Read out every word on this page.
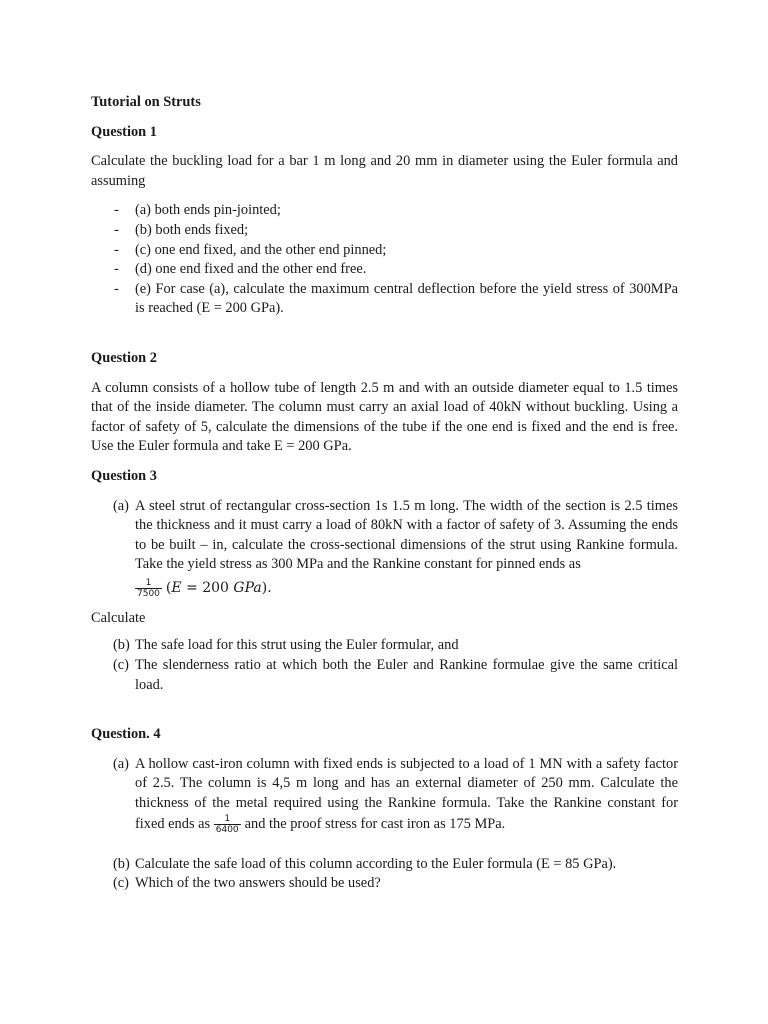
Tutorial on Struts
Question 1

Calculate the buckling load for a bar 1 m long and 20 mm in diameter using the Euler formula and assuming

- (a) both ends pin-jointed;
- (b) both ends fixed;
- (c) one end fixed, and the other end pinned;
- (d) one end fixed and the other end free.
- (e) For case (a), calculate the maximum central deflection before the yield stress of 300MPa is reached (E = 200 GPa).
Question 2

A column consists of a hollow tube of length 2.5 m and with an outside diameter equal to 1.5 times that of the inside diameter. The column must carry an axial load of 40kN without buckling. Using a factor of safety of 5, calculate the dimensions of the tube if the one end is fixed and the end is free. Use the Euler formula and take E = 200 GPa.

Question 3
(a) A steel strut of rectangular cross-section 1s 1.5 m long. The width of the section is 2.5 times the thickness and it must carry a load of 80kN with a factor of safety of 3. Assuming the ends to be built – in, calculate the cross-sectional dimensions of the strut using Rankine formula. Take the yield stress as 300 MPa and the Rankine constant for pinned ends as
$\frac{1}{7500} (E = 200$ GPa).

Calculate

(b) The safe load for this strut using the Euler formular, and
(c) The slenderness ratio at which both the Euler and Rankine formulae give the same critical load.
Question. 4
(a) A hollow cast-iron column with fixed ends is subjected to a load of 1 MN with a safety factor of 2.5. The column is 4,5 m long and has an external diameter of 250 mm. Calculate the thickness of the metal required using the Rankine formula. Take the Rankine constant for fixed ends as $\frac{1}{6400}$ and the proof stress for cast iron as 175 MPa.
(b) Calculate the safe load of this column according to the Euler formula (E = 85 GPa).
(c) Which of the two answers should be used?
